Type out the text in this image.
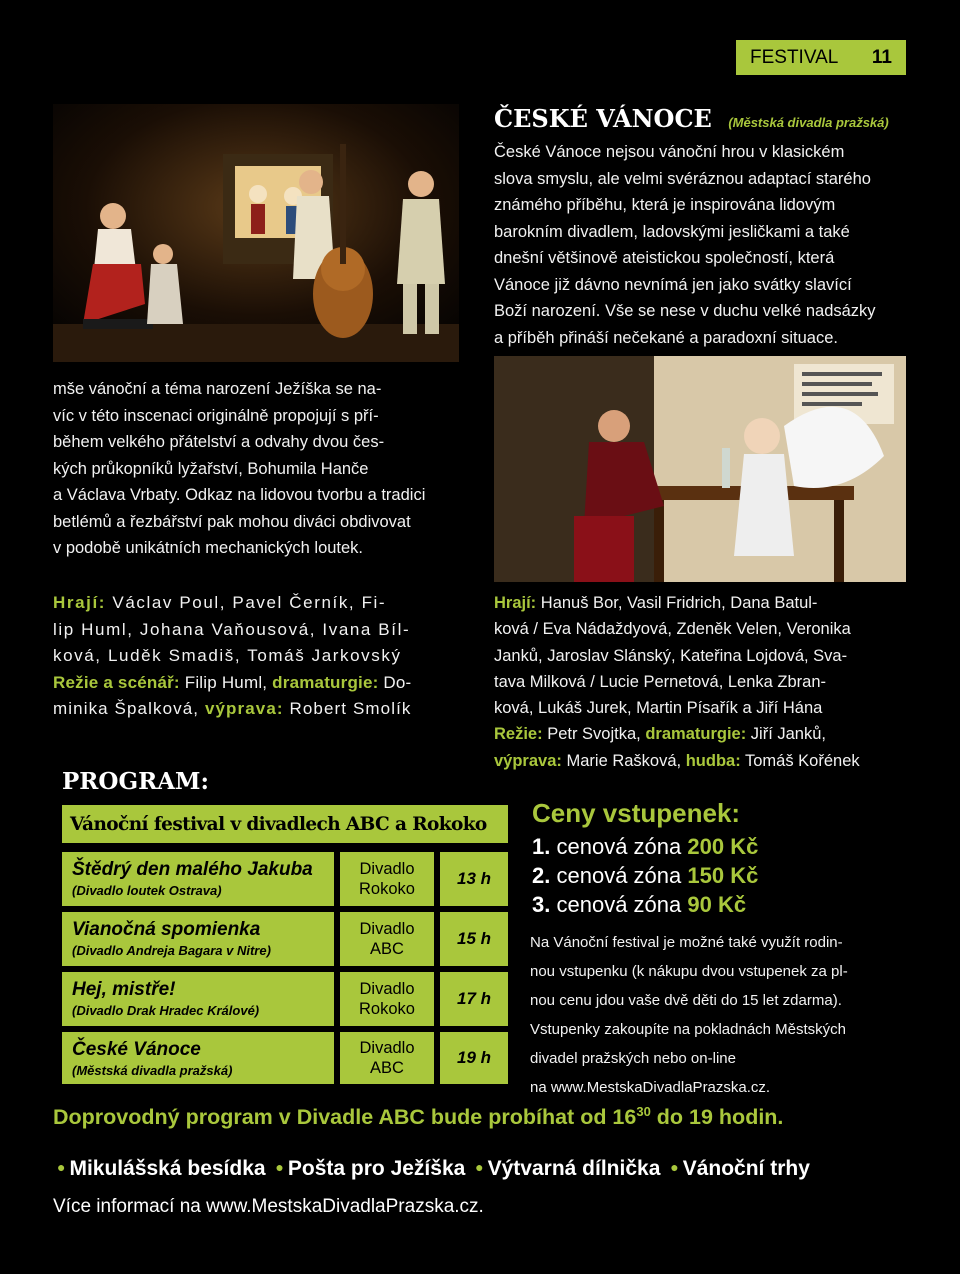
FESTIVAL 11
ČESKÉ VÁNOCE (Městská divadla pražská)

České Vánoce nejsou vánoční hrou v klasickém

slova smyslu, ale velmi svéráznou adaptací starého

známého příběhu, která je inspirována lidovým

barokním divadlem, ladovskými jesličkami a také

dnešní většinově ateistickou společností, která

Vánoce již dávno nevnímá jen jako svátky slavící

Boží narození. Vše se nese v duchu velké nadsázky

a příběh přináší nečekané a paradoxní situace.

mše vánoční a téma narození Ježíška se na-

víc v této inscenaci originálně propojují s pří-

během velkého přátelství a odvahy dvou čes-

kých průkopníků lyžařství, Bohumila Hanče

a Václava Vrbaty. Odkaz na lidovou tvorbu a tradici

betlémů a řezbářství pak mohou diváci obdivovat

v podobě unikátních mechanických loutek.

Hrají: Václav Poul, Pavel Černík, Fi-
lip Huml, Johana Vaňousová, Ivana Bíl-
ková, Luděk Smadiš, Tomáš Jarkovský
Režie a scénář: Filip Huml, dramaturgie: Do-
minika Špalková, výprava: Robert Smolík
Hrají: Hanuš Bor, Vasil Fridrich, Dana Batul-
ková / Eva Nádaždyová, Zdeněk Velen, Veronika
Janků, Jaroslav Slánský, Kateřina Lojdová, Sva-
tava Milková / Lucie Pernetová, Lenka Zbran-
ková, Lukáš Jurek, Martin Písařík a Jiří Hána
Režie: Petr Svojtka, dramaturgie: Jiří Janků,
výprava: Marie Rašková, hudba: Tomáš Kořének
PROGRAM:
Vánoční festival v divadlech ABC a Rokoko
Štědrý den malého Jakuba
(Divadlo loutek Ostrava)
Divadlo
Rokoko
13 h
Vianočná spomienka
(Divadlo Andreja Bagara v Nitre)
Divadlo
ABC
15 h
Hej, mistře!
(Divadlo Drak Hradec Králové)
Divadlo
Rokoko
17 h
České Vánoce
(Městská divadla pražská)
Divadlo
ABC
19 h
Ceny vstupenek:
1. cenová zóna 200 Kč
2. cenová zóna 150 Kč
3. cenová zóna 90 Kč

Na Vánoční festival je možné také využít rodin-

nou vstupenku (k nákupu dvou vstupenek za pl-

nou cenu jdou vaše dvě děti do 15 let zdarma).

Vstupenky zakoupíte na pokladnách Městských

divadel pražských nebo on-line

na www.MestskaDivadlaPrazska.cz.

Doprovodný program v Divadle ABC bude probíhat od $16^{30}$ do 19 hodin.
● Mikulášská besídka ● Pošta pro Ježíška ● Výtvarná dílnička ● Vánoční trhy
Více informací na www.MestskaDivadlaPrazska.cz.
